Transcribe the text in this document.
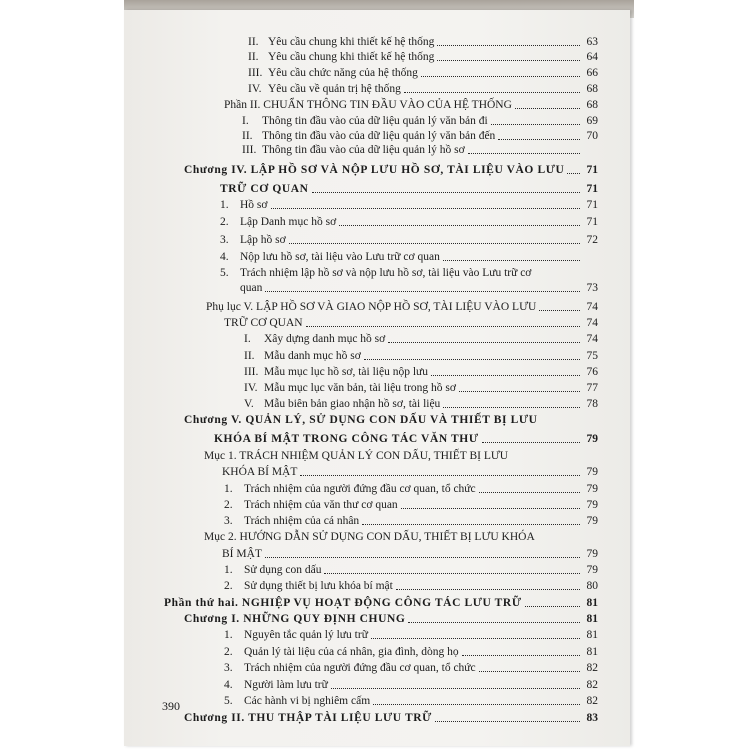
II. Yêu cầu chung khi thiết kế hệ thống	63
II. Yêu cầu chung khi thiết kế hệ thống	64
III. Yêu cầu chức năng của hệ thống	66
IV. Yêu cầu về quản trị hệ thống	68
Phần II. CHUẨN THÔNG TIN ĐẦU VÀO CỦA HỆ THỐNG	68
I.	Thông tin đầu vào của dữ liệu quản lý văn bản đi	69
II. Thông tin đầu vào của dữ liệu quản lý văn bản đến	70
III. Thông tin đầu vào của dữ liệu quản lý hồ sơ
Chương IV. LẬP HỒ SƠ VÀ NỘP LƯU HỒ SƠ, TÀI LIỆU VÀO LƯU	71
TRỮ CƠ QUAN	71
1. Hồ sơ	71
2. Lập Danh mục hồ sơ	71
3. Lập hồ sơ	72
4. Nộp lưu hồ sơ, tài liệu vào Lưu trữ cơ quan
5. Trách nhiệm lập hồ sơ và nộp lưu hồ sơ, tài liệu vào Lưu trữ cơ
quan	73
Phụ lục V. LẬP HỒ SƠ VÀ GIAO NỘP HỒ SƠ, TÀI LIỆU VÀO LƯU	74
TRỮ CƠ QUAN	74
I.	Xây dựng danh mục hồ sơ	74
II. Mẫu danh mục hồ sơ	75
III. Mẫu mục lục hồ sơ, tài liệu nộp lưu	76
IV. Mẫu mục lục văn bản, tài liệu trong hồ sơ	77
V. Mẫu biên bản giao nhận hồ sơ, tài liệu	78
Chương V. QUẢN LÝ, SỬ DỤNG CON DẤU VÀ THIẾT BỊ LƯU
KHÓA BÍ MẬT TRONG CÔNG TÁC VĂN THƯ	79
Mục 1. TRÁCH NHIỆM QUẢN LÝ CON DẤU, THIẾT BỊ LƯU
KHÓA BÍ MẬT	79
1. Trách nhiệm của người đứng đầu cơ quan, tổ chức	79
2. Trách nhiệm của văn thư cơ quan	79
3. Trách nhiệm của cá nhân	79
Mục 2. HƯỚNG DẪN SỬ DỤNG CON DẤU, THIẾT BỊ LƯU KHÓA
BÍ MẬT	79
1. Sử dụng con dấu	79
2. Sử dụng thiết bị lưu khóa bí mật	80
Phần thứ hai. NGHIỆP VỤ HOẠT ĐỘNG CÔNG TÁC LƯU TRỮ	81
Chương I. NHỮNG QUY ĐỊNH CHUNG	81
1. Nguyên tắc quản lý lưu trữ	81
2. Quản lý tài liệu của cá nhân, gia đình, dòng họ	81
3. Trách nhiệm của người đứng đầu cơ quan, tổ chức	82
4. Người làm lưu trữ	82
5. Các hành vi bị nghiêm cấm	82
Chương II. THU THẬP TÀI LIỆU LƯU TRỮ	83
390
